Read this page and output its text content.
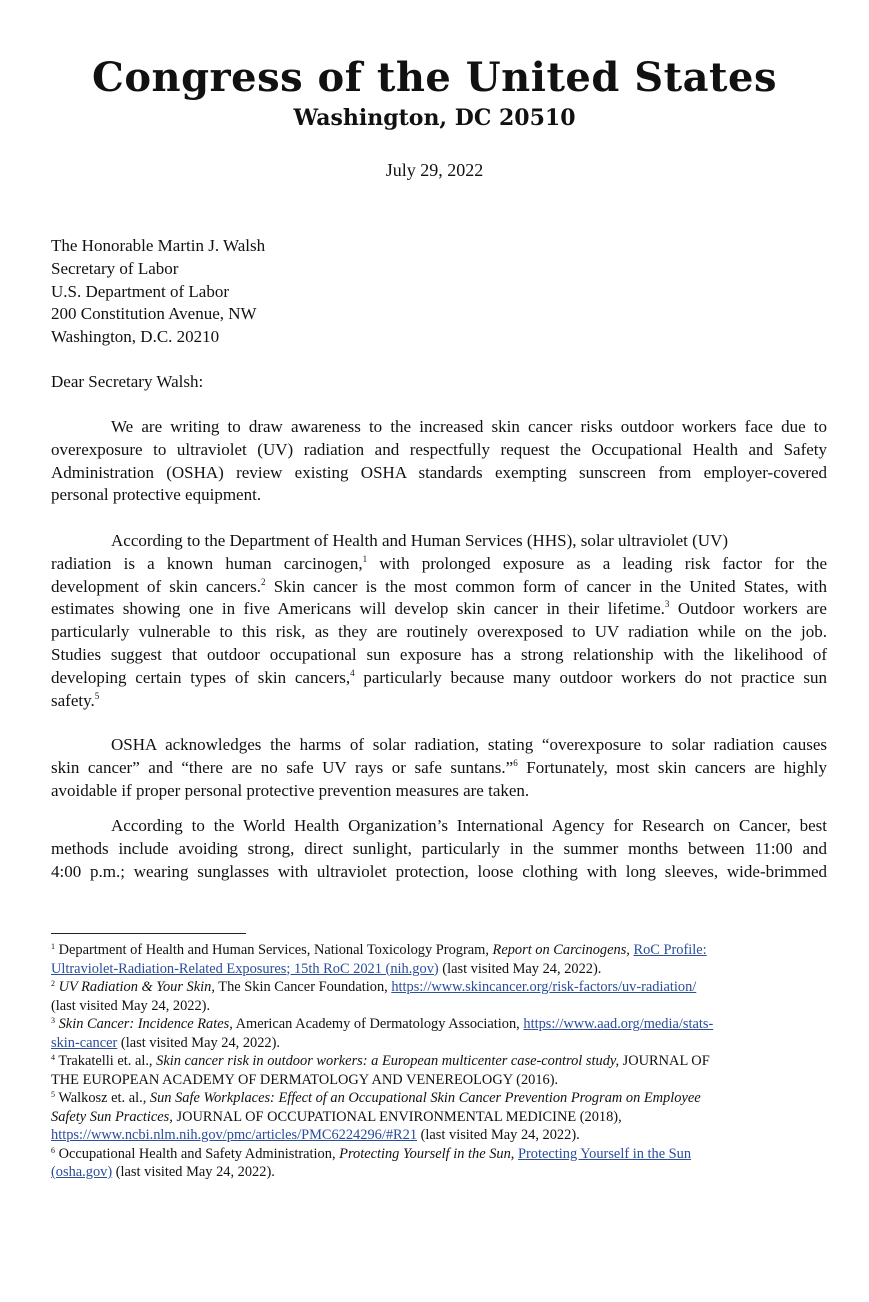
Congress of the United States
Washington, DC 20510
July 29, 2022
The Honorable Martin J. Walsh
Secretary of Labor
U.S. Department of Labor
200 Constitution Avenue, NW
Washington, D.C. 20210
Dear Secretary Walsh:
We are writing to draw awareness to the increased skin cancer risks outdoor workers face due to
overexposure to ultraviolet (UV) radiation and respectfully request the Occupational Health and Safety
Administration (OSHA) review existing OSHA standards exempting sunscreen from employer-covered
personal protective equipment.
According to the Department of Health and Human Services (HHS), solar ultraviolet (UV)
radiation is a known human carcinogen,$^1$ with prolonged exposure as a leading risk factor for the
development of skin cancers.$^2$ Skin cancer is the most common form of cancer in the United States, with
estimates showing one in five Americans will develop skin cancer in their lifetime.$^3$ Outdoor workers are
particularly vulnerable to this risk, as they are routinely overexposed to UV radiation while on the job.
Studies suggest that outdoor occupational sun exposure has a strong relationship with the likelihood of
developing certain types of skin cancers,$^4$ particularly because many outdoor workers do not practice sun
safety.$^5$
OSHA acknowledges the harms of solar radiation, stating “overexposure to solar radiation causes
skin cancer” and “there are no safe UV rays or safe suntans.”$^6$ Fortunately, most skin cancers are highly
avoidable if proper personal protective prevention measures are taken.
According to the World Health Organization’s International Agency for Research on Cancer, best
methods include avoiding strong, direct sunlight, particularly in the summer months between 11:00 and
4:00 p.m.; wearing sunglasses with ultraviolet protection, loose clothing with long sleeves, wide-brimmed
$^1$ Department of Health and Human Services, National Toxicology Program, Report on Carcinogens, RoC Profile:
Ultraviolet-Radiation-Related Exposures; 15th RoC 2021 (nih.gov) (last visited May 24, 2022).
$^2$ UV Radiation & Your Skin, The Skin Cancer Foundation, https://www.skincancer.org/risk-factors/uv-radiation/
(last visited May 24, 2022).
$^3$ Skin Cancer: Incidence Rates, American Academy of Dermatology Association, https://www.aad.org/media/stats-
skin-cancer (last visited May 24, 2022).
$^4$ Trakatelli et. al., Skin cancer risk in outdoor workers: a European multicenter case-control study, JOURNAL OF
THE EUROPEAN ACADEMY OF DERMATOLOGY AND VENEREOLOGY (2016).
$^5$ Walkosz et. al., Sun Safe Workplaces: Effect of an Occupational Skin Cancer Prevention Program on Employee
Safety Sun Practices, JOURNAL OF OCCUPATIONAL ENVIRONMENTAL MEDICINE (2018),
https://www.ncbi.nlm.nih.gov/pmc/articles/PMC6224296/#R21 (last visited May 24, 2022).
$^6$ Occupational Health and Safety Administration, Protecting Yourself in the Sun, Protecting Yourself in the Sun
(osha.gov) (last visited May 24, 2022).
